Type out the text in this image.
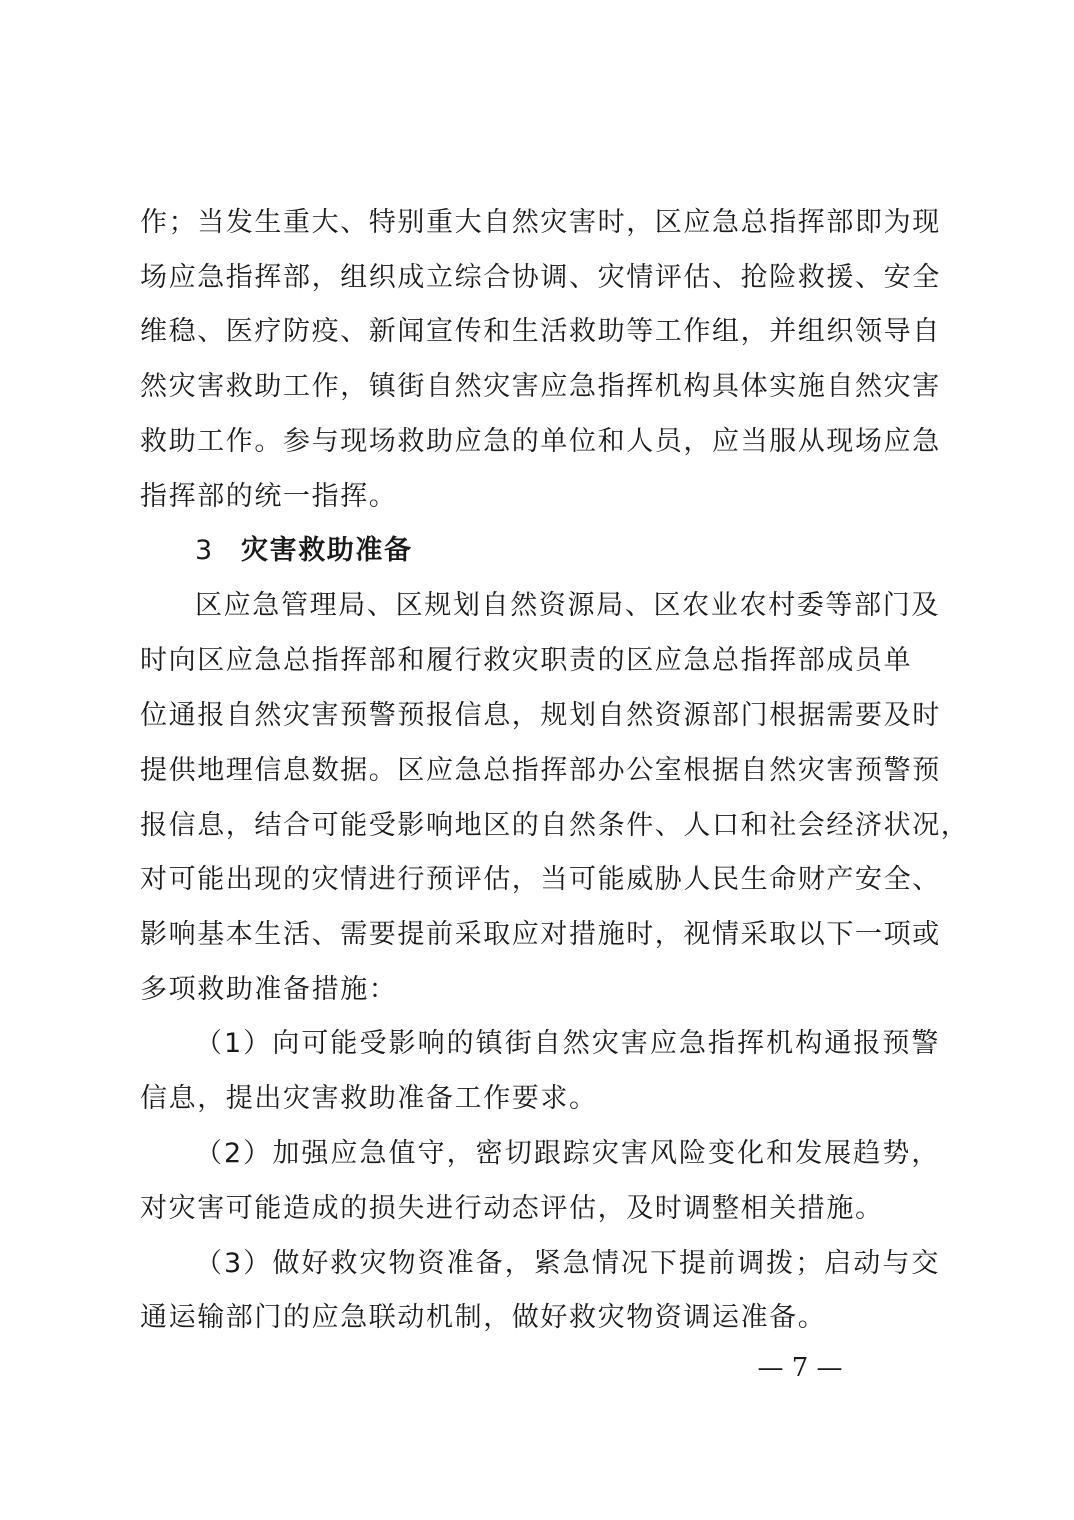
作；当发生重大、特别重大自然灾害时，区应急总指挥部即为现
场应急指挥部，组织成立综合协调、灾情评估、抢险救援、安全
维稳、医疗防疫、新闻宣传和生活救助等工作组，并组织领导自
然灾害救助工作，镇街自然灾害应急指挥机构具体实施自然灾害
救助工作。参与现场救助应急的单位和人员，应当服从现场应急
指挥部的统一指挥。
3 灾害救助准备
区应急管理局、区规划自然资源局、区农业农村委等部门及
时向区应急总指挥部和履行救灾职责的区应急总指挥部成员单
位通报自然灾害预警预报信息，规划自然资源部门根据需要及时
提供地理信息数据。区应急总指挥部办公室根据自然灾害预警预
报信息，结合可能受影响地区的自然条件、人口和社会经济状况，
对可能出现的灾情进行预评估，当可能威胁人民生命财产安全、
影响基本生活、需要提前采取应对措施时，视情采取以下一项或
多项救助准备措施：
（1）向可能受影响的镇街自然灾害应急指挥机构通报预警
信息，提出灾害救助准备工作要求。
（2）加强应急值守，密切跟踪灾害风险变化和发展趋势，
对灾害可能造成的损失进行动态评估，及时调整相关措施。
（3）做好救灾物资准备，紧急情况下提前调拨；启动与交
通运输部门的应急联动机制，做好救灾物资调运准备。
— 7 —
